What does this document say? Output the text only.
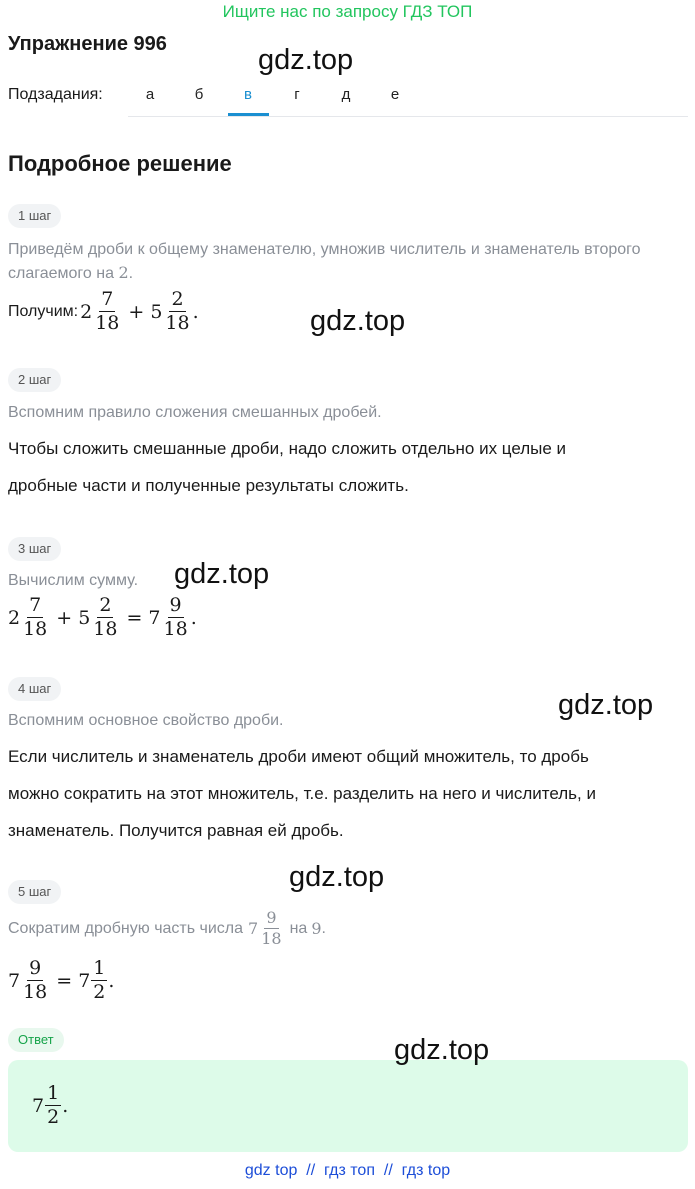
Ищите нас по запросу ГДЗ ТОП
Упражнение 996
Подзадания:	а	б	в	г	д	е
gdz.top
Подробное решение
1 шаг
Приведём дроби к общему знаменателю, умножив числитель и знаменатель второго
слагаемого на 2.
Получим: $2 \frac{7}{18} + 5 \frac{2}{18}$ .	gdz.top
2 шаг
Вспомним правило сложения смешанных дробей.
Чтобы сложить смешанные дроби, надо сложить отдельно их целые и
дробные части и полученные результаты сложить.
3 шаг
Вычислим сумму. gdz.top
$2 \frac{7}{18} + 5 \frac{2}{18} = 7 \frac{9}{18}$ .
4 шаг
gdz.top
Вспомним основное свойство дроби.
Если числитель и знаменатель дроби имеют общий множитель, то дробь
можно сократить на этот множитель, т.е. разделить на него и числитель, и
знаменатель. Получится равная ей дробь.
gdz.top
5 шаг
Сократим дробную часть числа $7 \frac{9}{18}$ на 9 .
$7 \frac{9}{18} = 7 \frac{1}{2}$ .
Ответ
$7 \frac{1}{2}$ .
gdz.top
gdz top  //  гдз топ  //  гдз top
